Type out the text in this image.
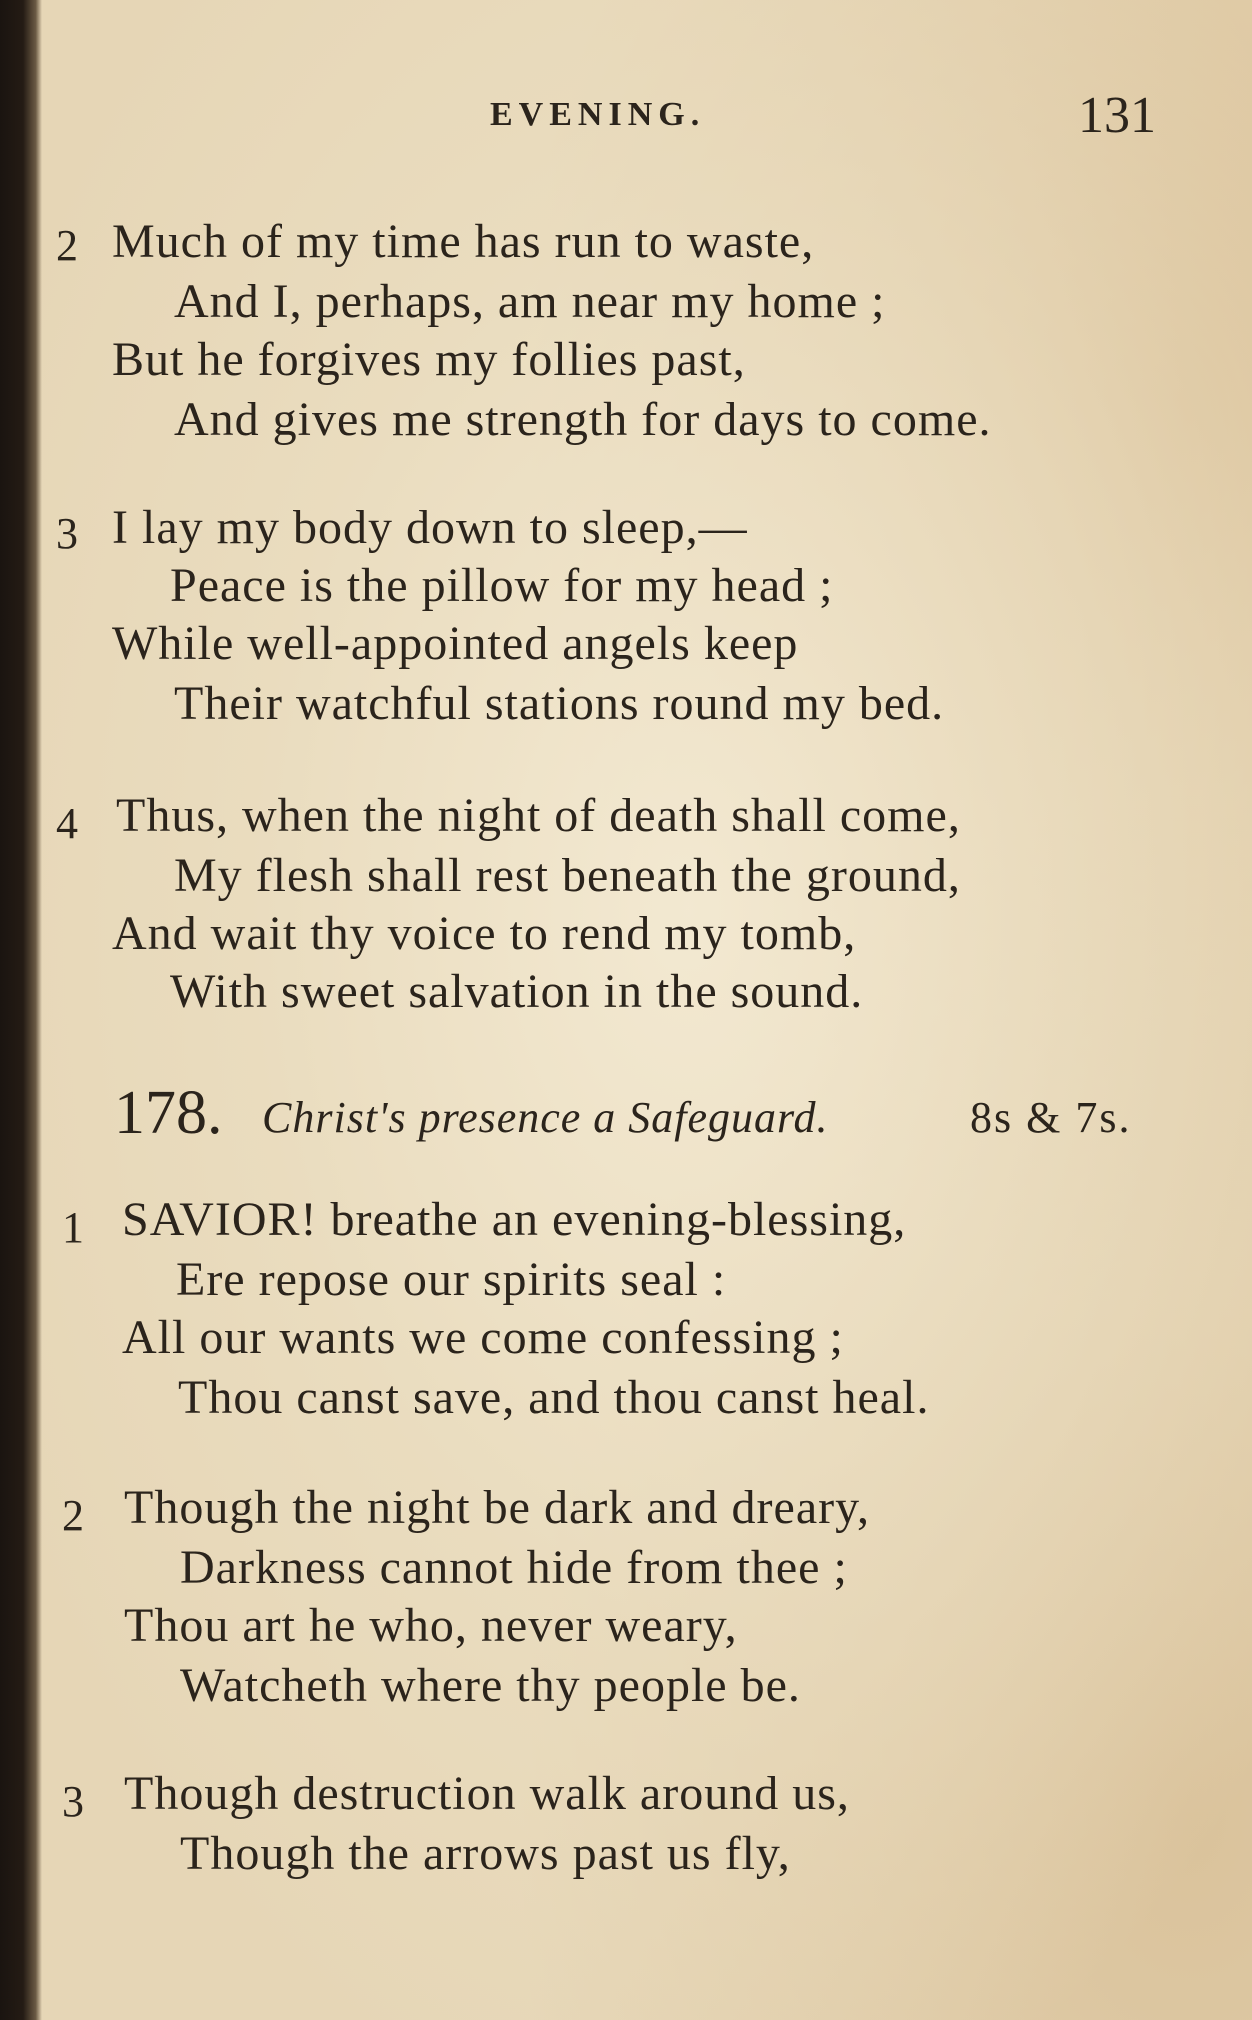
EVENING.	131
2 Much of my time has run to waste,
And I, perhaps, am near my home ;
But he forgives my follies past,
And gives me strength for days to come.
3 I lay my body down to sleep,—
Peace is the pillow for my head ;
While well-appointed angels keep
Their watchful stations round my bed.
4 Thus, when the night of death shall come,
My flesh shall rest beneath the ground,
And wait thy voice to rend my tomb,
With sweet salvation in the sound.
178. Christ's presence a Safeguard.	8s & 7s.
1 SAVIOR! breathe an evening-blessing,
Ere repose our spirits seal :
All our wants we come confessing ;
Thou canst save, and thou canst heal.
2 Though the night be dark and dreary,
Darkness cannot hide from thee ;
Thou art he who, never weary,
Watcheth where thy people be.
3 Though destruction walk around us,
Though the arrows past us fly,
